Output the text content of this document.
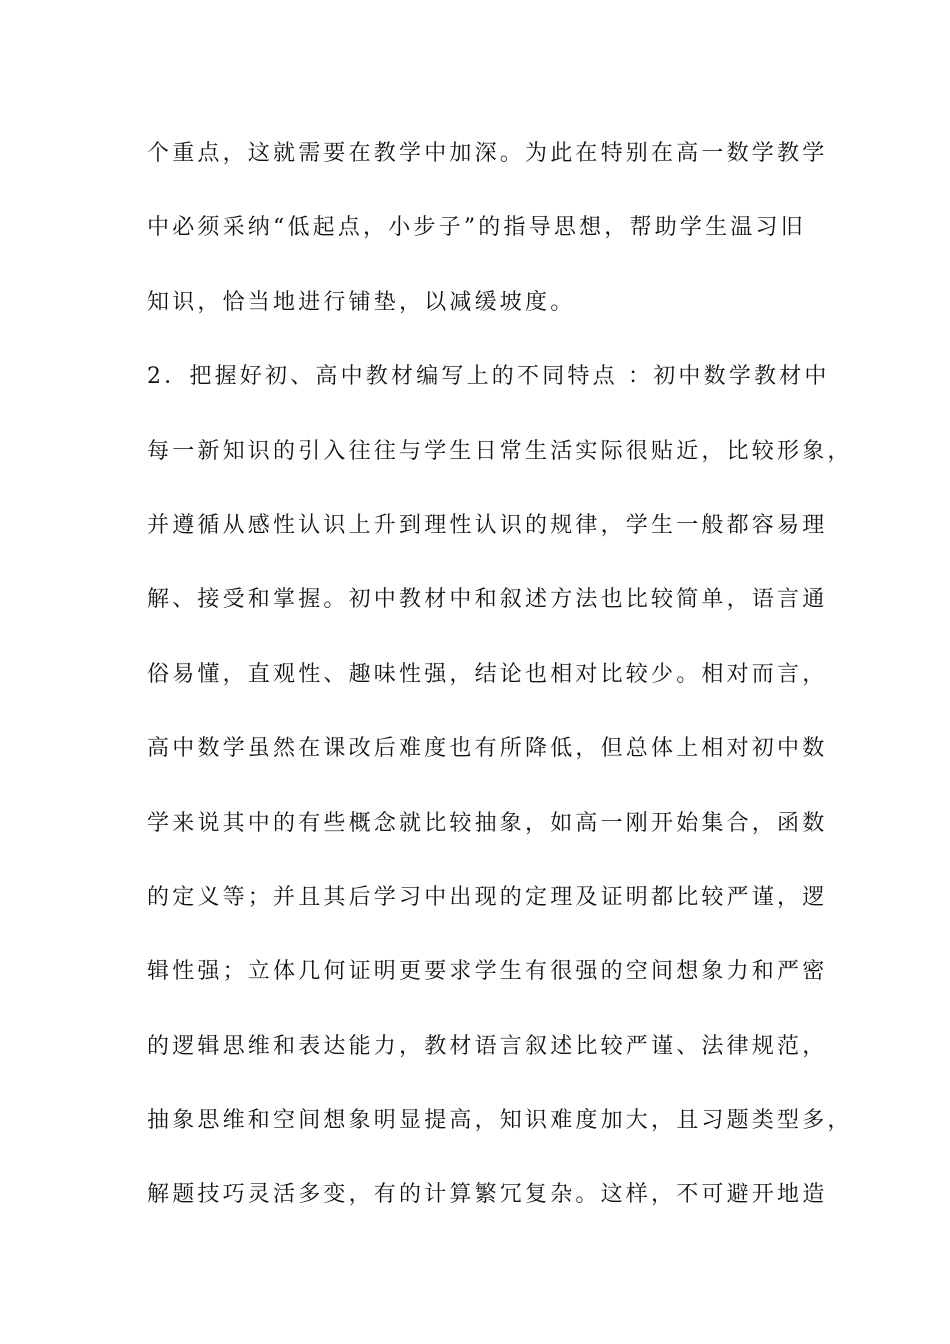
个重点，这就需要在教学中加深。为此在特别在高一数学教学
中必须采纳“低起点，小步子”的指导思想，帮助学生温习旧
知识，恰当地进行铺垫，以减缓坡度。
2．把握好初、高中教材编写上的不同特点 ：初中数学教材中
每一新知识的引入往往与学生日常生活实际很贴近，比较形象，
并遵循从感性认识上升到理性认识的规律，学生一般都容易理
解、接受和掌握。初中教材中和叙述方法也比较简单，语言通
俗易懂，直观性、趣味性强，结论也相对比较少。相对而言，
高中数学虽然在课改后难度也有所降低，但总体上相对初中数
学来说其中的有些概念就比较抽象，如高一刚开始集合，函数
的定义等；并且其后学习中出现的定理及证明都比较严谨，逻
辑性强；立体几何证明更要求学生有很强的空间想象力和严密
的逻辑思维和表达能力，教材语言叙述比较严谨、法律规范，
抽象思维和空间想象明显提高，知识难度加大，且习题类型多，
解题技巧灵活多变，有的计算繁冗复杂。这样，不可避开地造
